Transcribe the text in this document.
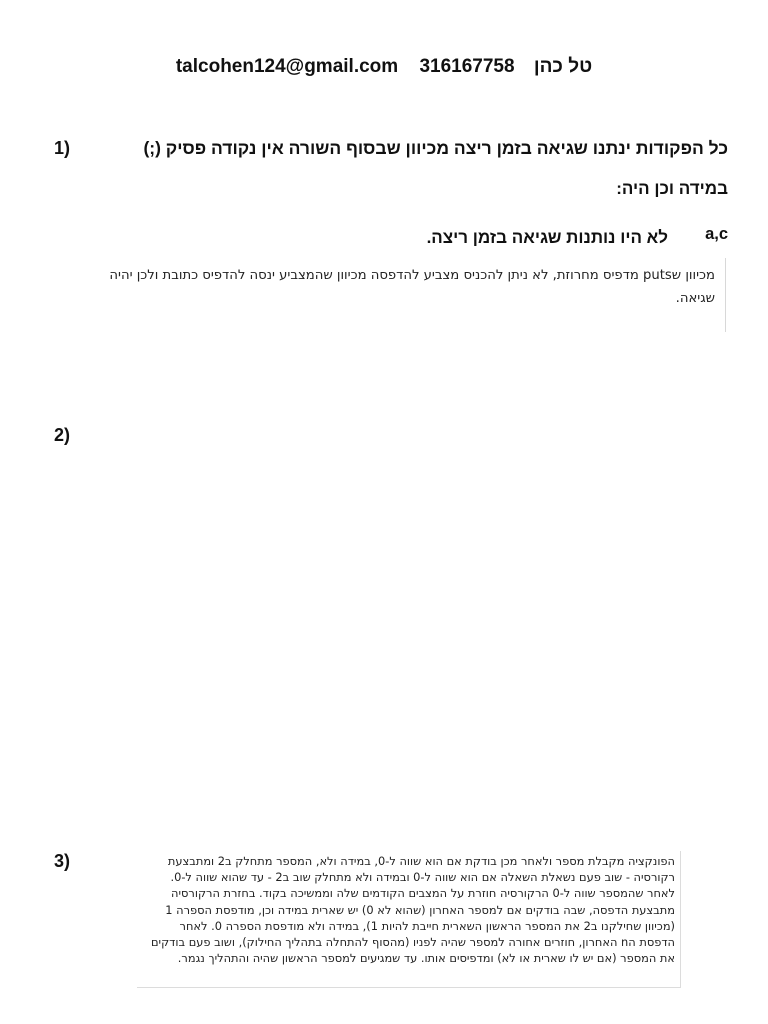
talcohen124@gmail.com 316167758 טל כהן
1)	כל הפקודות ינתנו שגיאה בזמן ריצה מכיוון שבסוף השורה אין נקודה פסיק (;)
במידה וכן היה:
a,c
לא היו נותנות שגיאה בזמן ריצה.
מכיוון שputs מדפיס מחרוזת, לא ניתן להכניס מצביע להדפסה מכיוון שהמצביע ינסה להדפיס כתובת ולכן יהיה שגיאה.
2)
3)	הפונקציה מקבלת מספר ולאחר מכן בודקת אם הוא שווה ל-0, במידה ולא, המספר מתחלק ב2 ומתבצעת רקורסיה - שוב פעם נשאלת השאלה אם הוא שווה ל-0 ובמידה ולא מתחלק שוב ב2 - עד שהוא שווה ל-0. לאחר שהמספר שווה ל-0 הרקורסיה חוזרת על המצבים הקודמים שלה וממשיכה בקוד. בחזרת הרקורסיה מתבצעת הדפסה, שבה בודקים אם למספר האחרון (שהוא לא 0) יש שארית במידה וכן, מודפסת הספרה 1 (מכיוון שחילקנו ב2 את המספר הראשון השארית חייבת להיות 1), במידה ולא מודפסת הספרה 0. לאחר הדפסת הn האחרון, חוזרים אחורה למספר שהיה לפניו (מהסוף להתחלה בתהליך החילוק), ושוב פעם בודקים את המספר (אם יש לו שארית או לא) ומדפיסים אותו. עד שמגיעים למספר הראשון שהיה והתהליך נגמר.
